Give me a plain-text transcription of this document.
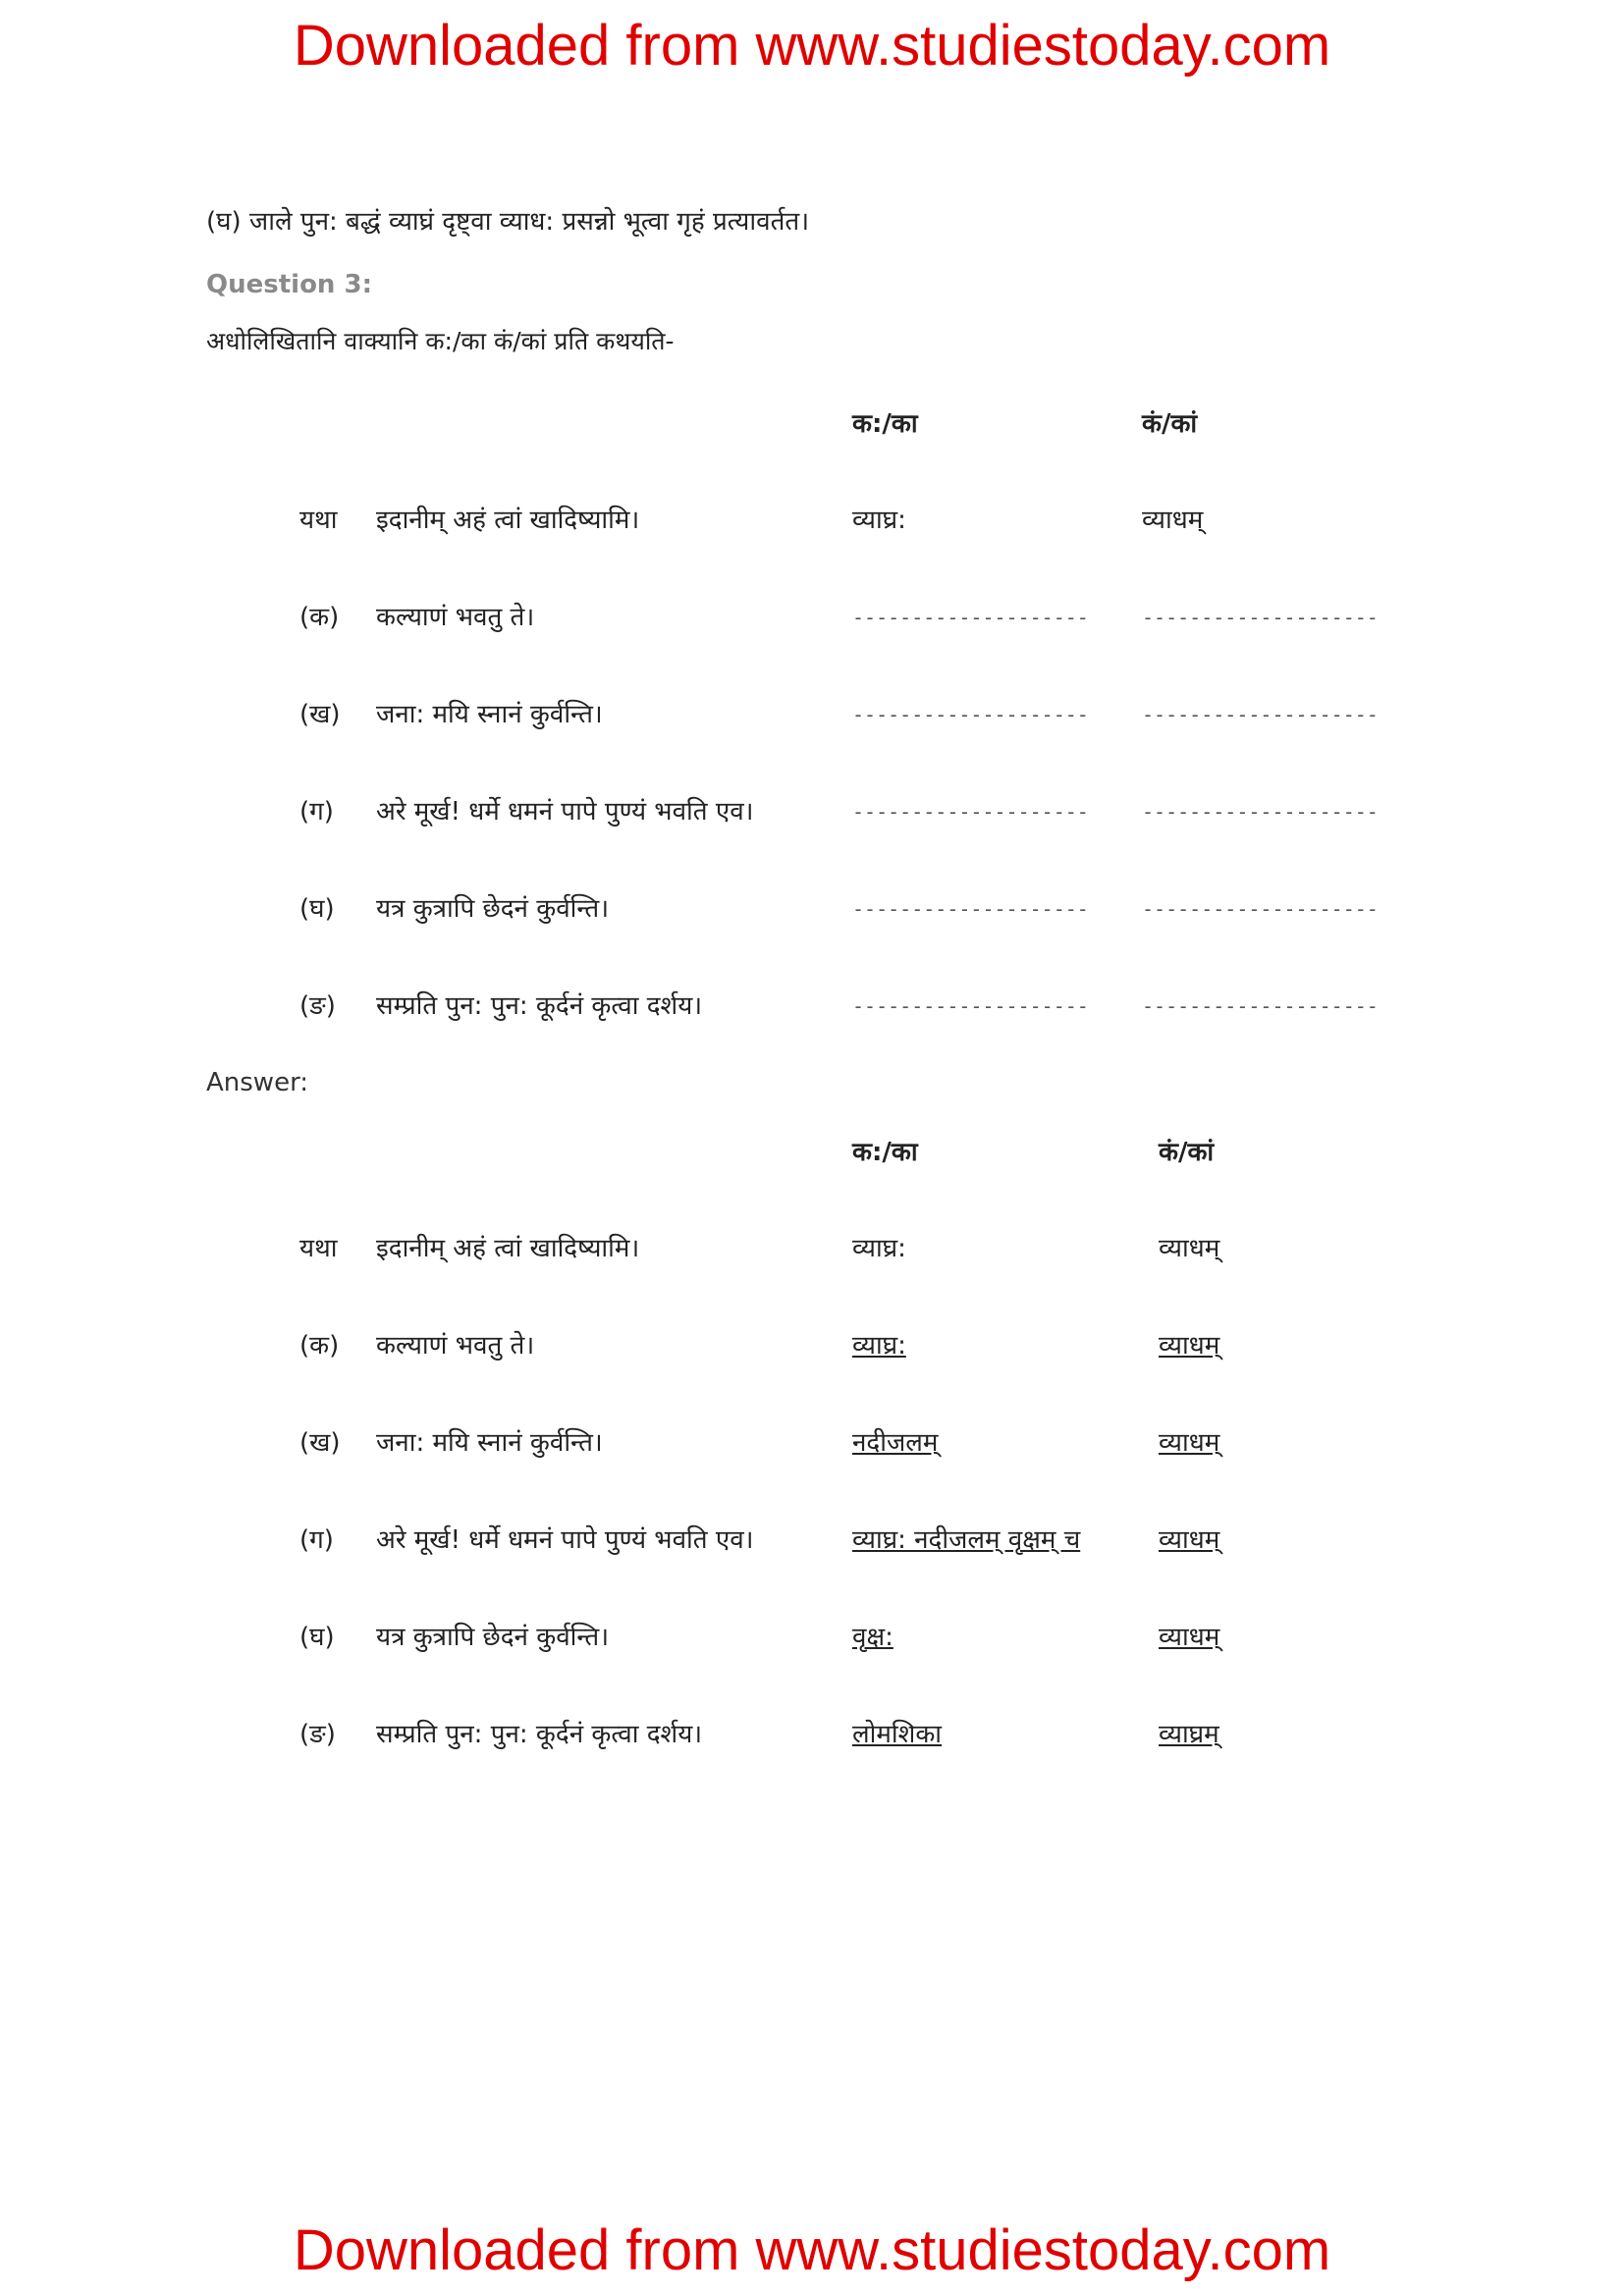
Downloaded from www.studiestoday.com
(घ) जाले पुन: बद्धं व्याघ्रं दृष्ट्वा व्याध: प्रसन्नो भूत्वा गृहं प्रत्यावर्तत।
Question 3:
अधोलिखितानि वाक्यानि क:/का कं/कां प्रति कथयति-
क:/का	कं/कां
यथा इदानीम् अहं त्वां खादिष्यामि।	व्याघ्र:	व्याधम्
(क) कल्याणं भवतु ते।	--------------------	--------------------
(ख) जना: मयि स्नानं कुर्वन्ति।	--------------------	--------------------
(ग) अरे मूर्ख! धर्मे धमनं पापे पुण्यं भवति एव।	--------------------	--------------------
(घ) यत्र कुत्रापि छेदनं कुर्वन्ति।	--------------------	--------------------
(ङ) सम्प्रति पुन: पुन: कूर्दनं कृत्वा दर्शय।	--------------------	--------------------
Answer:
क:/का	कं/कां
यथा इदानीम् अहं त्वां खादिष्यामि।	व्याघ्र:	व्याधम्
(क) कल्याणं भवतु ते।	व्याघ्र:	व्याधम्
(ख) जना: मयि स्नानं कुर्वन्ति।	नदीजलम्	व्याधम्
(ग) अरे मूर्ख! धर्मे धमनं पापे पुण्यं भवति एव।	व्याघ्र: नदीजलम् वृक्षम् च	व्याधम्
(घ) यत्र कुत्रापि छेदनं कुर्वन्ति।	वृक्ष:	व्याधम्
(ङ) सम्प्रति पुन: पुन: कूर्दनं कृत्वा दर्शय।	लोमशिका	व्याघ्रम्
Downloaded from www.studiestoday.com
